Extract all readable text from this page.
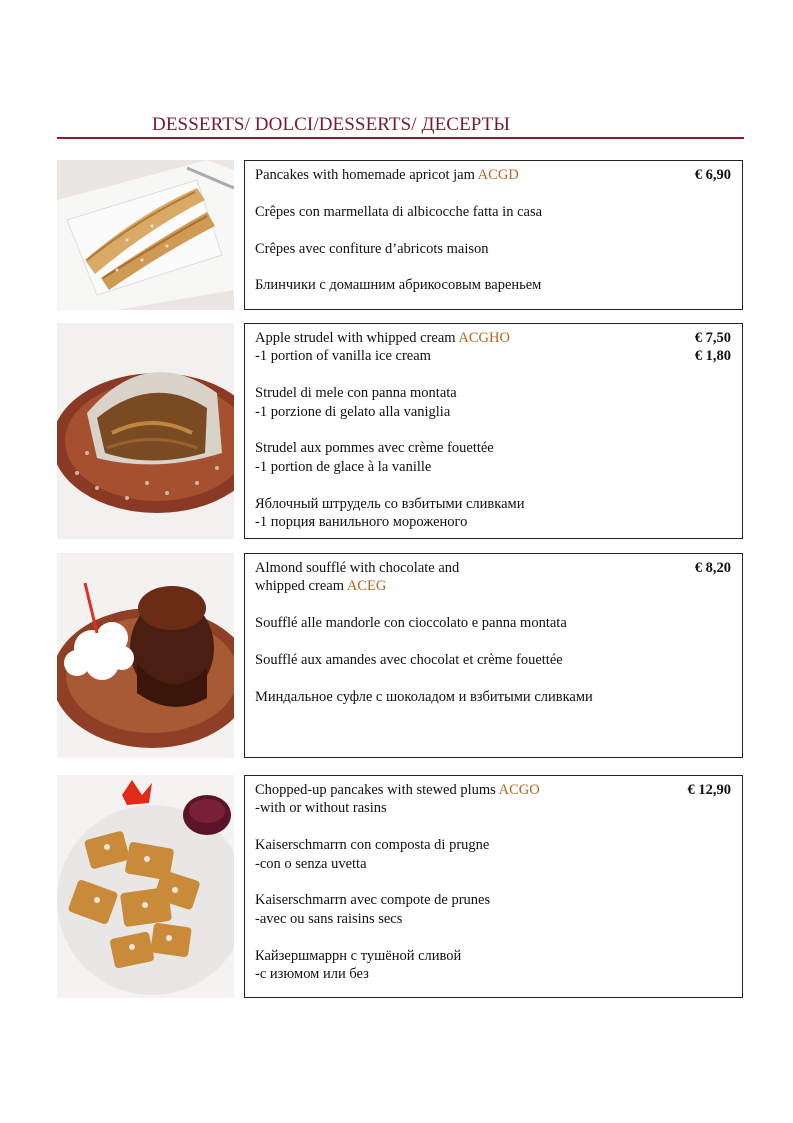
DESSERTS/ DOLCI/DESSERTS/ ДЕСЕРТЫ
Pancakes with homemade apricot jam ACGD	€ 6,90
Crêpes con marmellata di albicocche fatta in casa
Crêpes avec confiture d’abricots maison
Блинчики с домашним абрикосовым вареньем
Apple strudel with whipped cream ACGHO	€ 7,50
-1 portion of vanilla ice cream	€ 1,80
Strudel di mele con panna montata
-1 porzione di gelato alla vaniglia
Strudel aux pommes avec crème fouettée
-1 portion de glace à la vanille
Яблочный штрудель со взбитыми сливками
-1 порция ванильного мороженого
Almond soufflé with chocolate and	€ 8,20
whipped cream ACEG
Soufflé alle mandorle con cioccolato e panna montata
Soufflé aux amandes avec chocolat et crème fouettée
Миндальное суфле с шоколадом и взбитыми сливками
Chopped-up pancakes with stewed plums ACGO	€ 12,90
-with or without rasins
Kaiserschmarrn con composta di prugne
-con o senza uvetta
Kaiserschmarrn avec compote de prunes
-avec ou sans raisins secs
Кайзершмаррн с тушёной сливой
-с изюмом или без
